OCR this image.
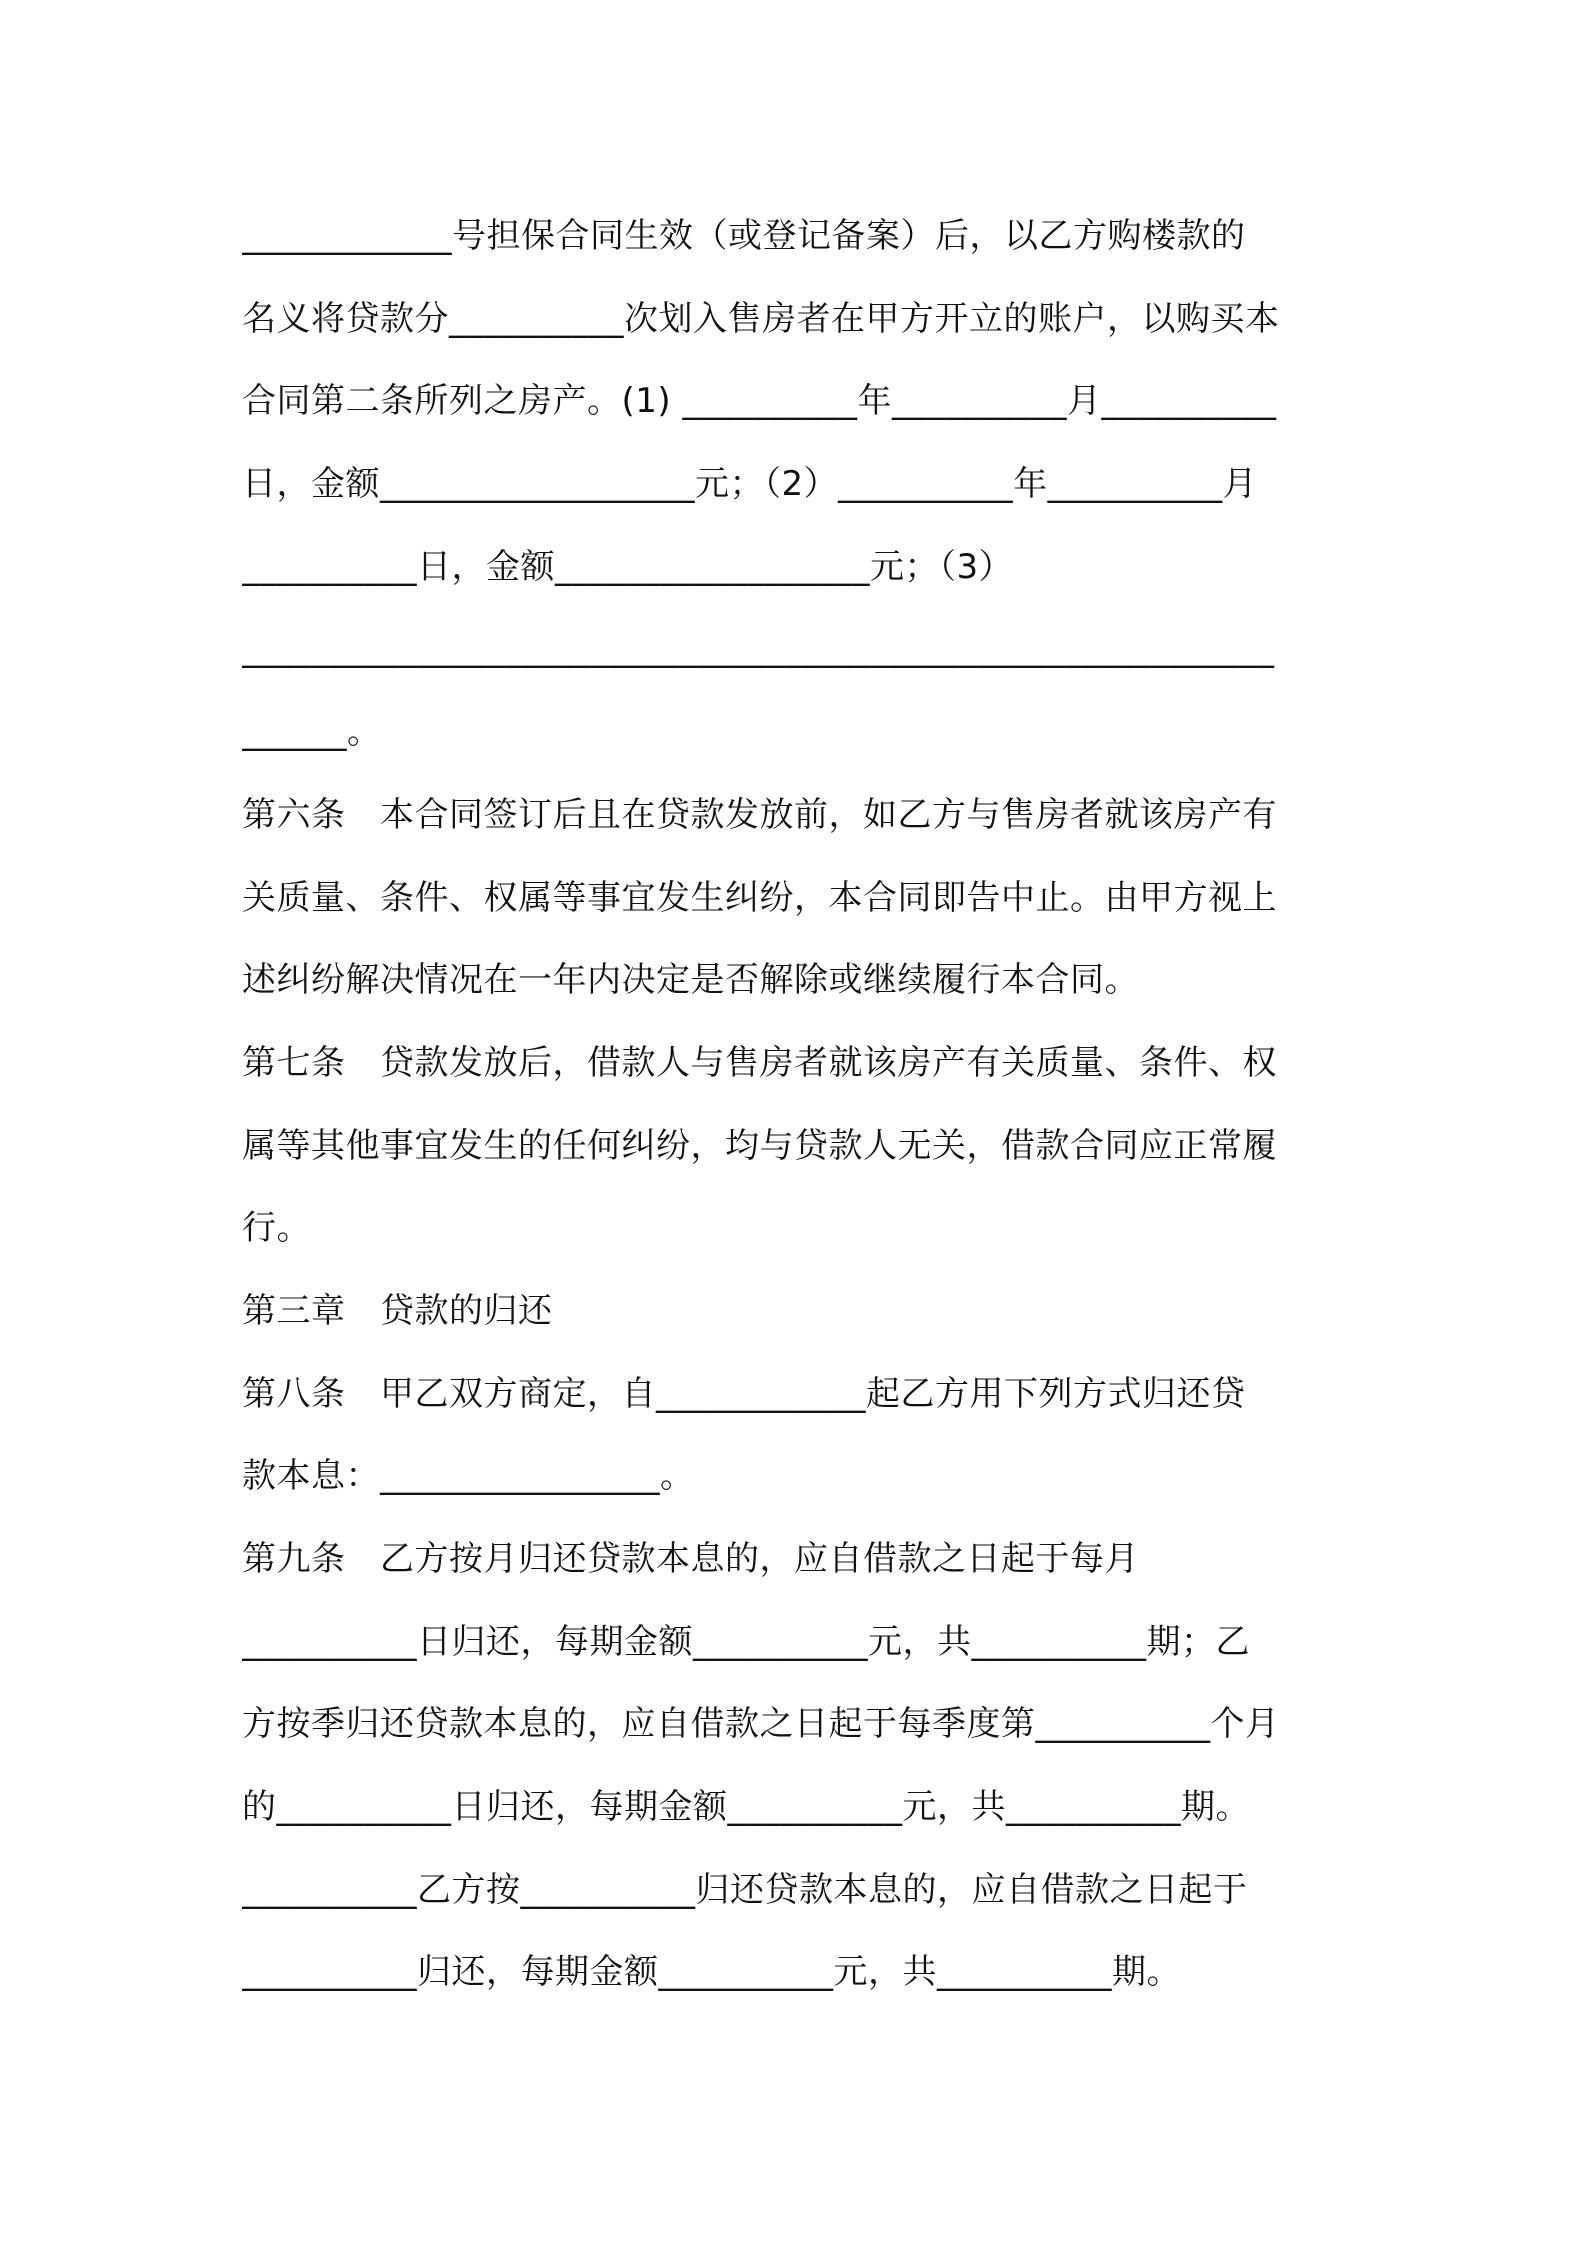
____________号担保合同生效（或登记备案）后，以乙方购楼款的
名义将贷款分__________次划入售房者在甲方开立的账户，以购买本
合同第二条所列之房产。(1) __________年__________月__________
日，金额__________________元；（2）__________年__________月
__________日，金额__________________元；（3）
___________________________________________________________
______。
第六条　本合同签订后且在贷款发放前，如乙方与售房者就该房产有
关质量、条件、权属等事宜发生纠纷，本合同即告中止。由甲方视上
述纠纷解决情况在一年内决定是否解除或继续履行本合同。
第七条　贷款发放后，借款人与售房者就该房产有关质量、条件、权
属等其他事宜发生的任何纠纷，均与贷款人无关，借款合同应正常履
行。
第三章　贷款的归还
第八条　甲乙双方商定，自____________起乙方用下列方式归还贷
款本息：________________。
第九条　乙方按月归还贷款本息的，应自借款之日起于每月
__________日归还，每期金额__________元，共__________期；乙
方按季归还贷款本息的，应自借款之日起于每季度第__________个月
的__________日归还，每期金额__________元，共__________期。
__________乙方按__________归还贷款本息的，应自借款之日起于
__________归还，每期金额__________元，共__________期。
